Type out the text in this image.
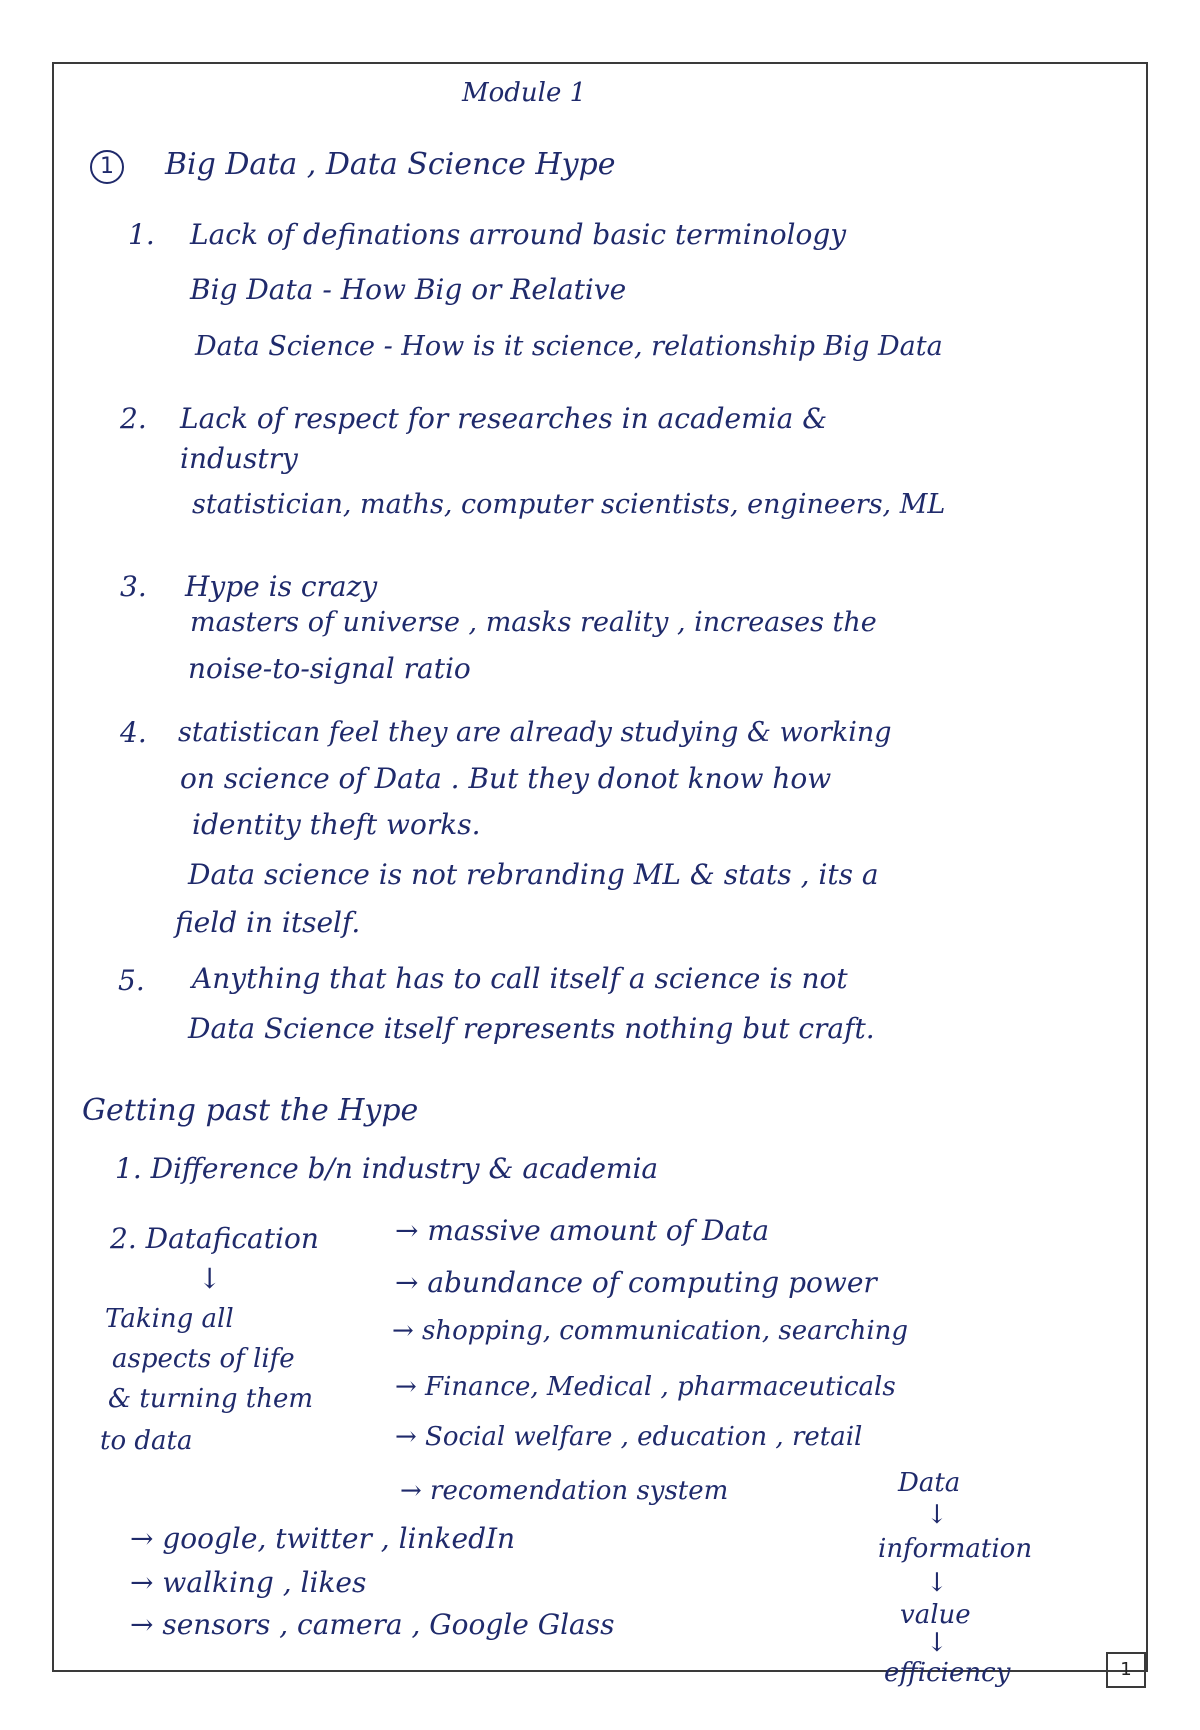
Module 1
1	Big Data , Data Science Hype
1. Lack of definations arround basic terminology
Big Data - How Big or Relative
Data Science - How is it science, relationship Big Data
2. Lack of respect for researches in academia &
industry
statistician, maths, computer scientists, engineers, ML
3. Hype is crazy
masters of universe , masks reality , increases the
noise-to-signal ratio
4. statistican feel they are already studying & working
on science of Data . But they donot know how
identity theft works.
Data science is not rebranding ML & stats , its a
field in itself.
5. Anything that has to call itself a science is not
Data Science itself represents nothing but craft.
Getting past the Hype
1. Difference b/n industry & academia
2. Datafication
↓
Taking all
aspects of life
& turning them
to data
→ massive amount of Data
→ abundance of computing power
→ shopping, communication, searching
→ Finance, Medical , pharmaceuticals
→ Social welfare , education , retail
→ recomendation system
→ google, twitter , linkedIn
→ walking , likes
→ sensors , camera , Google Glass
Data
↓
information
↓
value
↓
efficiency	1
